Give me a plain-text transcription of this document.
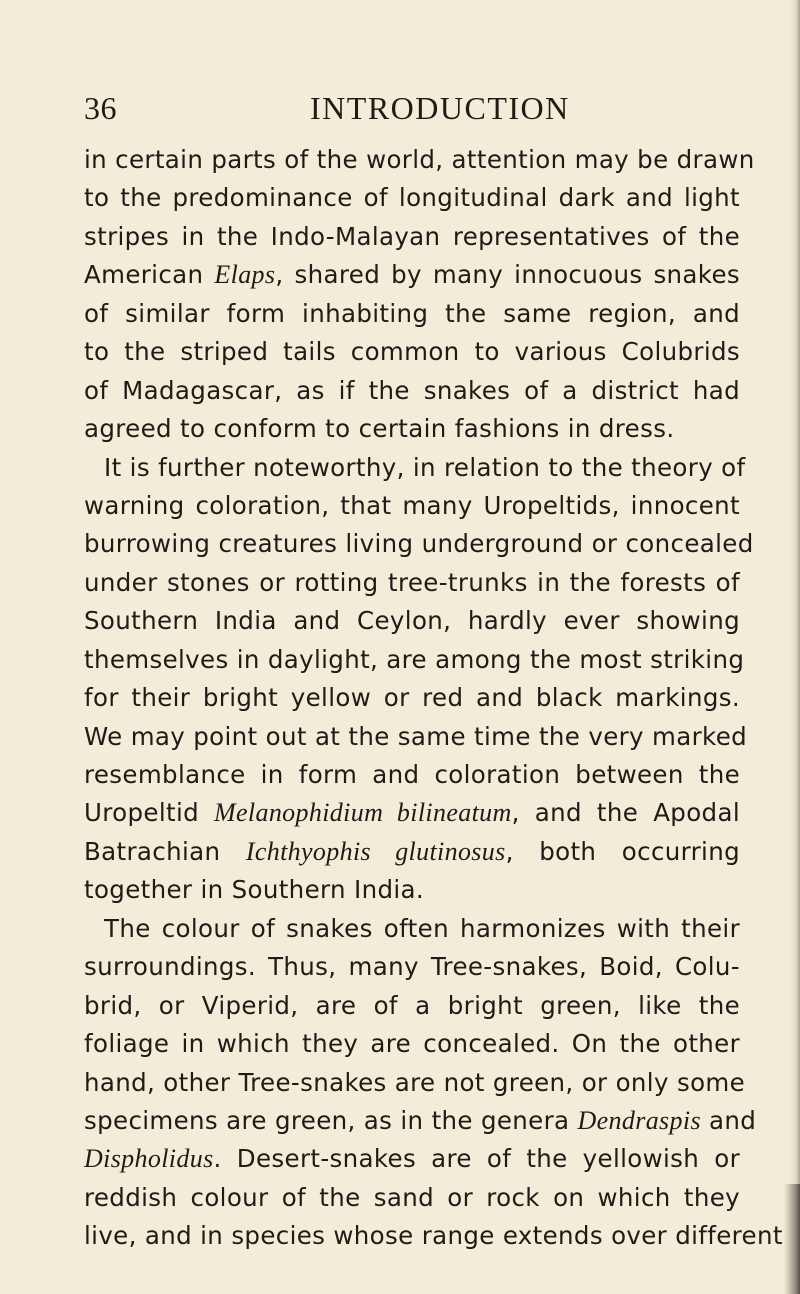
36	INTRODUCTION
in certain parts of the world, attention may be drawn
to the predominance of longitudinal dark and light
stripes in the Indo-Malayan representatives of the
American Elaps, shared by many innocuous snakes
of similar form inhabiting the same region, and
to the striped tails common to various Colubrids
of Madagascar, as if the snakes of a district had
agreed to conform to certain fashions in dress.
It is further noteworthy, in relation to the theory of
warning coloration, that many Uropeltids, innocent
burrowing creatures living underground or concealed
under stones or rotting tree-trunks in the forests of
Southern India and Ceylon, hardly ever showing
themselves in daylight, are among the most striking
for their bright yellow or red and black markings.
We may point out at the same time the very marked
resemblance in form and coloration between the
Uropeltid Melanophidium bilineatum, and the Apodal
Batrachian Ichthyophis glutinosus, both occurring
together in Southern India.
The colour of snakes often harmonizes with their
surroundings. Thus, many Tree-snakes, Boid, Colu-
brid, or Viperid, are of a bright green, like the
foliage in which they are concealed. On the other
hand, other Tree-snakes are not green, or only some
specimens are green, as in the genera Dendraspis and
Dispholidus. Desert-snakes are of the yellowish or
reddish colour of the sand or rock on which they
live, and in species whose range extends over different
